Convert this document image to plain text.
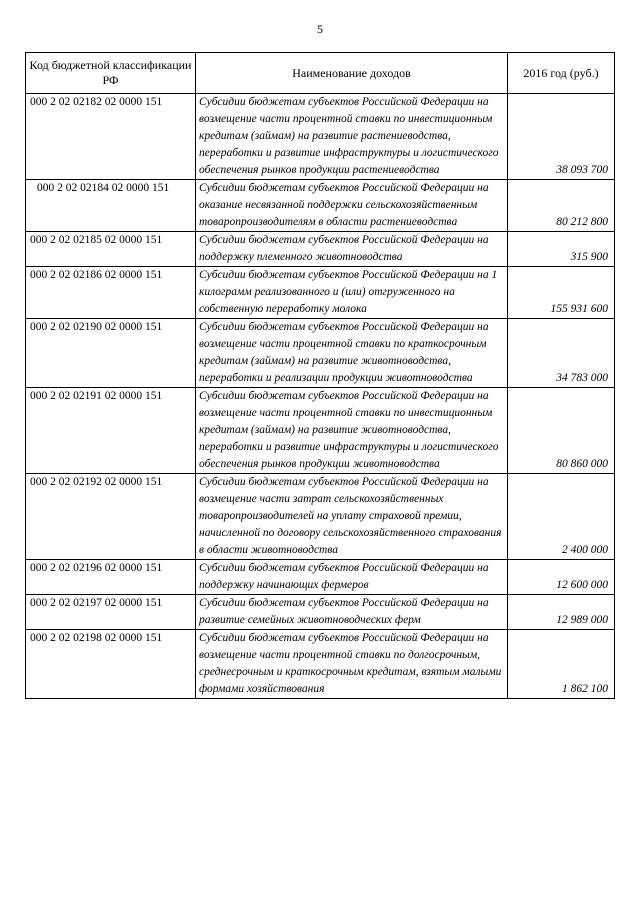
5
Код бюджетной классификации РФ	Наименование доходов	2016 год (руб.)
000 2 02 02182 02 0000 151	Субсидии бюджетам субъектов Российской Федерации на возмещение части процентной ставки по инвестиционным кредитам (займам) на развитие растениеводства, переработки и развитие инфраструктуры и логистического обеспечения рынков продукции растениеводства	38 093 700
000 2 02 02184 02 0000 151	Субсидии бюджетам субъектов Российской Федерации на оказание несвязанной поддержки сельскохозяйственным товаропроизводителям в области растениеводства	80 212 800
000 2 02 02185 02 0000 151	Субсидии бюджетам субъектов Российской Федерации на поддержку племенного животноводства	315 900
000 2 02 02186 02 0000 151	Субсидии бюджетам субъектов Российской Федерации на 1 килограмм реализованного и (или) отгруженного на собственную переработку молока	155 931 600
000 2 02 02190 02 0000 151	Субсидии бюджетам субъектов Российской Федерации на возмещение части процентной ставки по краткосрочным кредитам (займам) на развитие животноводства, переработки и реализации продукции животноводства	34 783 000
000 2 02 02191 02 0000 151	Субсидии бюджетам субъектов Российской Федерации на возмещение части процентной ставки по инвестиционным кредитам (займам) на развитие животноводства, переработки и развитие инфраструктуры и логистического обеспечения рынков продукции животноводства	80 860 000
000 2 02 02192 02 0000 151	Субсидии бюджетам субъектов Российской Федерации на возмещение части затрат сельскохозяйственных товаропроизводителей на уплату страховой премии, начисленной по договору сельскохозяйственного страхования в области животноводства	2 400 000
000 2 02 02196 02 0000 151	Субсидии бюджетам субъектов Российской Федерации на поддержку начинающих фермеров	12 600 000
000 2 02 02197 02 0000 151	Субсидии бюджетам субъектов Российской Федерации на развитие семейных животноводческих ферм	12 989 000
000 2 02 02198 02 0000 151	Субсидии бюджетам субъектов Российской Федерации на возмещение части процентной ставки по долгосрочным, среднесрочным и краткосрочным кредитам, взятым малыми формами хозяйствования	1 862 100
